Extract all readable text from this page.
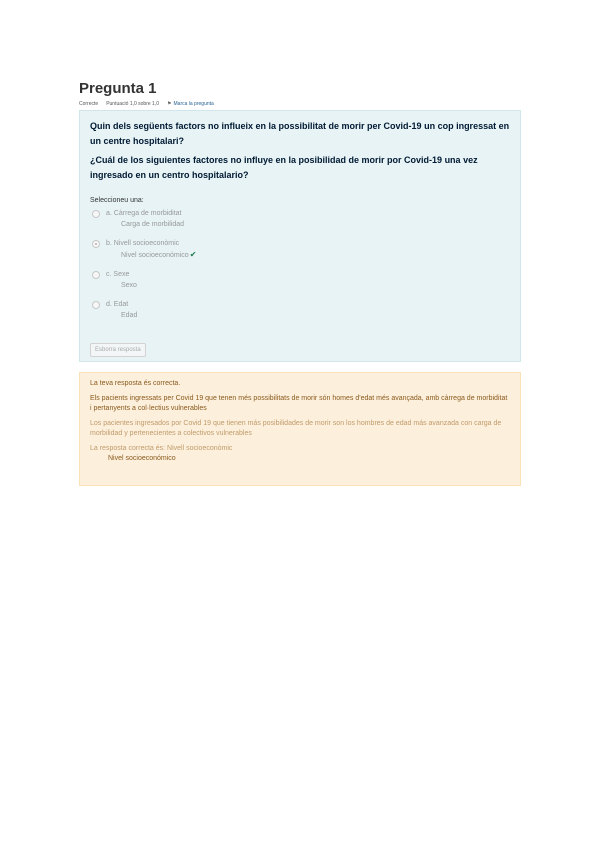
Pregunta 1
Correcte Puntuació 1,0 sobre 1,0 ⚑ Marca la pregunta

Quin dels següents factors no influeix en la possibilitat de morir per Covid-19 un cop ingressat en un centre hospitalari?

¿Cuál de los siguientes factores no influye en la posibilidad de morir por Covid-19 una vez ingresado en un centro hospitalario?

Seleccioneu una:
a. Càrrega de morbiditat
Carga de morbilidad
b. Nivell socioeconòmic
Nivel socioeconómico✔
c. Sexe
Sexo
d. Edat
Edad
Esborra resposta

La teva resposta és correcta.

Els pacients ingressats per Covid 19 que tenen més possibilitats de morir són homes d'edat més avançada, amb càrrega de morbiditat i pertanyents a col·lectius vulnerables

Los pacientes ingresados por Covid 19 que tienen más posibilidades de morir son los hombres de edad más avanzada con carga de morbilidad y pertenecientes a colectivos vulnerables

La resposta correcta és: Nivell socioeconòmic

Nivel socioeconómico
